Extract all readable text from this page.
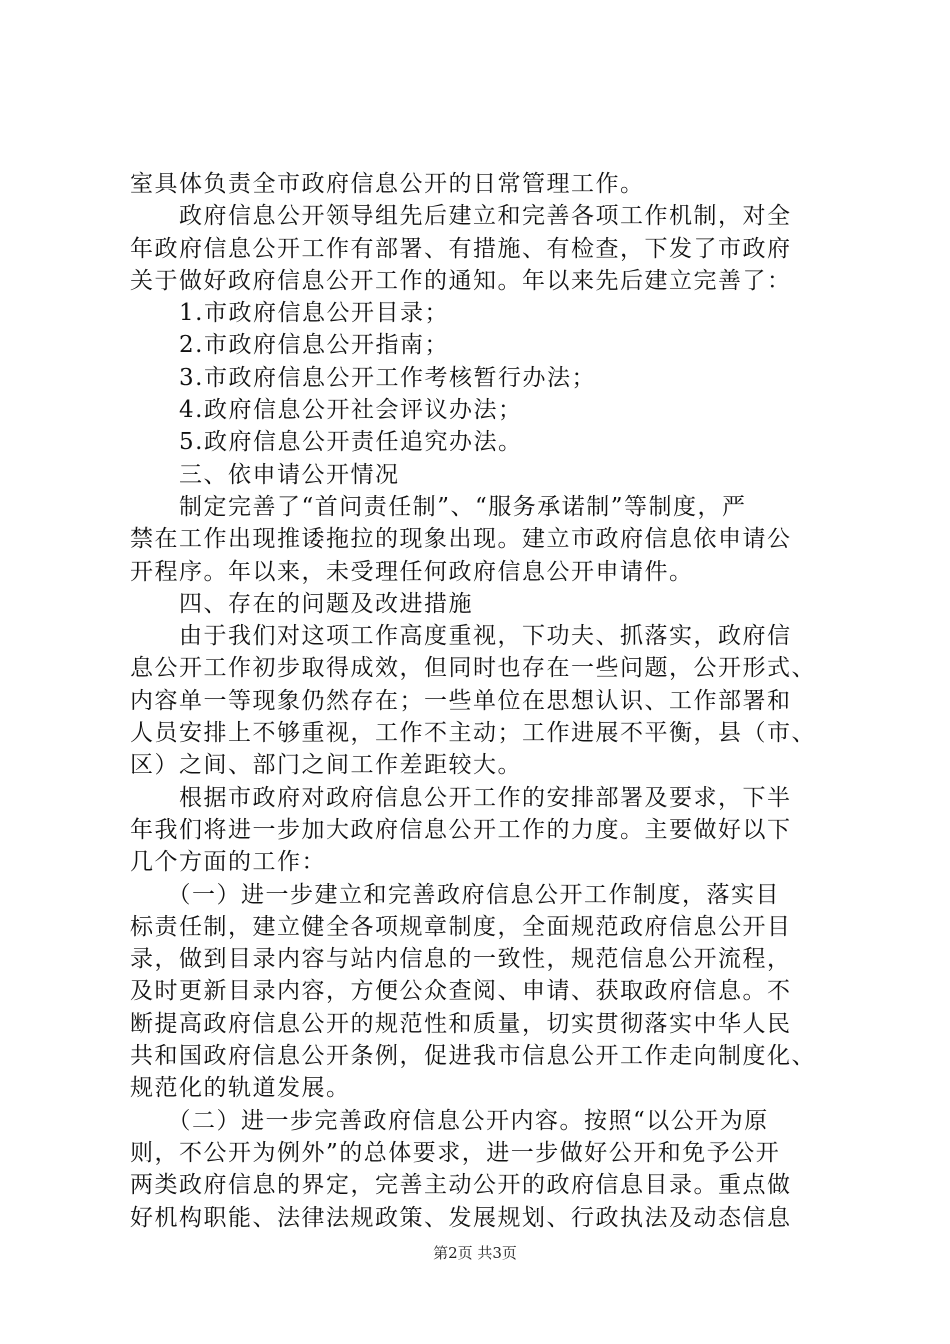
室具体负责全市政府信息公开的日常管理工作。
　　政府信息公开领导组先后建立和完善各项工作机制，对全
年政府信息公开工作有部署、有措施、有检查，下发了市政府
关于做好政府信息公开工作的通知。年以来先后建立完善了：
　　1.市政府信息公开目录；
　　2.市政府信息公开指南；
　　3.市政府信息公开工作考核暂行办法；
　　4.政府信息公开社会评议办法；
　　5.政府信息公开责任追究办法。
　　三、依申请公开情况
　　制定完善了“首问责任制”、“服务承诺制”等制度，严
禁在工作出现推诿拖拉的现象出现。建立市政府信息依申请公
开程序。年以来，未受理任何政府信息公开申请件。
　　四、存在的问题及改进措施
　　由于我们对这项工作高度重视，下功夫、抓落实，政府信
息公开工作初步取得成效，但同时也存在一些问题，公开形式、
内容单一等现象仍然存在；一些单位在思想认识、工作部署和
人员安排上不够重视，工作不主动；工作进展不平衡，县（市、
区）之间、部门之间工作差距较大。
　　根据市政府对政府信息公开工作的安排部署及要求，下半
年我们将进一步加大政府信息公开工作的力度。主要做好以下
几个方面的工作：
　　（一）进一步建立和完善政府信息公开工作制度，落实目
标责任制，建立健全各项规章制度，全面规范政府信息公开目
录，做到目录内容与站内信息的一致性，规范信息公开流程，
及时更新目录内容，方便公众查阅、申请、获取政府信息。不
断提高政府信息公开的规范性和质量，切实贯彻落实中华人民
共和国政府信息公开条例，促进我市信息公开工作走向制度化、
规范化的轨道发展。
　　（二）进一步完善政府信息公开内容。按照“以公开为原
则，不公开为例外”的总体要求，进一步做好公开和免予公开
两类政府信息的界定，完善主动公开的政府信息目录。重点做
好机构职能、法律法规政策、发展规划、行政执法及动态信息
第2页 共3页
